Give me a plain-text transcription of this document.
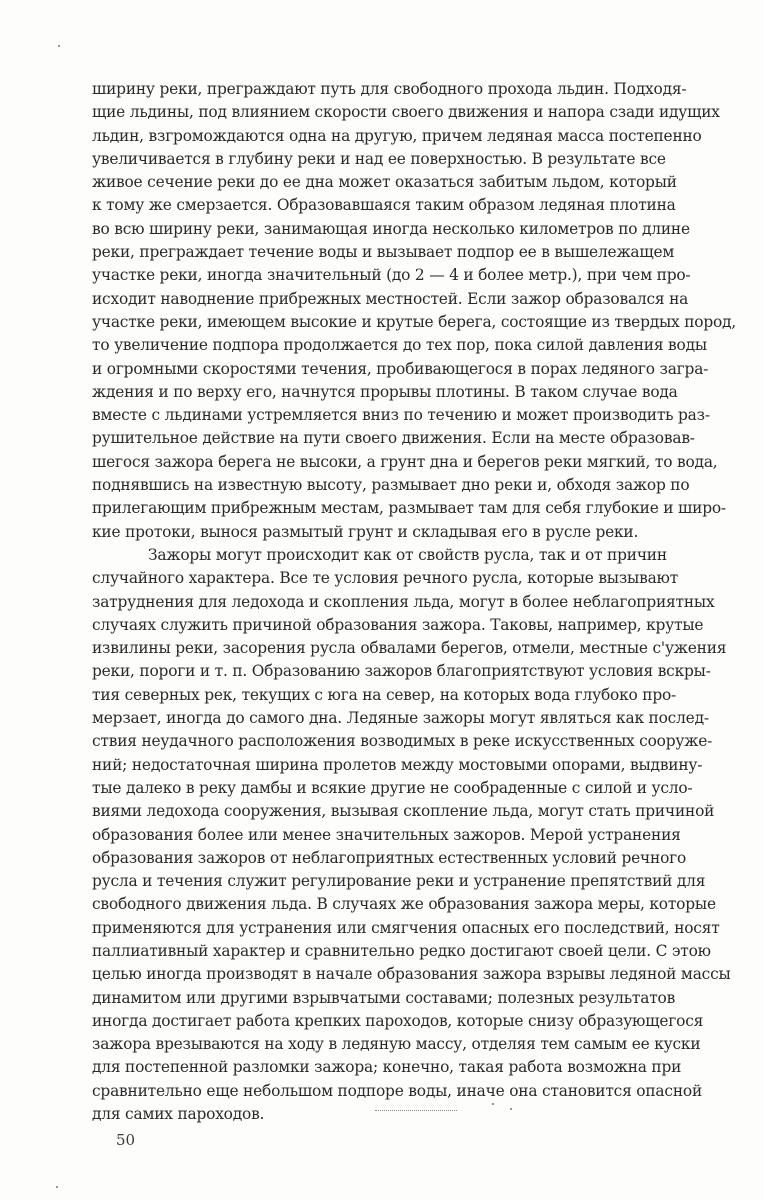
ширину реки, преграждают путь для свободного прохода льдин. Подходя-
щие льдины, под влиянием скорости своего движения и напора сзади идущих
льдин, взгромождаются одна на другую, причем ледяная масса постепенно
увеличивается в глубину реки и над ее поверхностью. В результате все
живое сечение реки до ее дна может оказаться забитым льдом, который
к тому же смерзается. Образовавшаяся таким образом ледяная плотина
во всю ширину реки, занимающая иногда несколько километров по длине
реки, преграждает течение воды и вызывает подпор ее в вышележащем
участке реки, иногда значительный (до 2 — 4 и более метр.), при чем про-
исходит наводнение прибрежных местностей. Если зажор образовался на
участке реки, имеющем высокие и крутые берега, состоящие из твердых пород,
то увеличение подпора продолжается до тех пор, пока силой давления воды
и огромными скоростями течения, пробивающегося в порах ледяного загра-
ждения и по верху его, начнутся прорывы плотины. В таком случае вода
вместе с льдинами устремляется вниз по течению и может производить раз-
рушительное действие на пути своего движения. Если на месте образовав-
шегося зажора берега не высоки, а грунт дна и берегов реки мягкий, то вода,
поднявшись на известную высоту, размывает дно реки и, обходя зажор по
прилегающим прибрежным местам, размывает там для себя глубокие и широ-
кие протоки, вынося размытый грунт и складывая его в русле реки.
Зажоры могут происходит как от свойств русла, так и от причин
случайного характера. Все те условия речного русла, которые вызывают
затруднения для ледохода и скопления льда, могут в более неблагоприятных
случаях служить причиной образования зажора. Таковы, например, крутые
извилины реки, засорения русла обвалами берегов, отмели, местные с'ужения
реки, пороги и т. п. Образованию зажоров благоприятствуют условия вскры-
тия северных рек, текущих с юга на север, на которых вода глубоко про-
мерзает, иногда до самого дна. Ледяные зажоры могут являться как послед-
ствия неудачного расположения возводимых в реке искусственных сооруже-
ний; недостаточная ширина пролетов между мостовыми опорами, выдвину-
тые далеко в реку дамбы и всякие другие не сообраденные с силой и усло-
виями ледохода сооружения, вызывая скопление льда, могут стать причиной
образования более или менее значительных зажоров. Мерой устранения
образования зажоров от неблагоприятных естественных условий речного
русла и течения служит регулирование реки и устранение препятствий для
свободного движения льда. В случаях же образования зажора меры, которые
применяются для устранения или смягчения опасных его последствий, носят
паллиативный характер и сравнительно редко достигают своей цели. С этою
целью иногда производят в начале образования зажора взрывы ледяной массы
динамитом или другими взрывчатыми составами; полезных результатов
иногда достигает работа крепких пароходов, которые снизу образующегося
зажора врезываются на ходу в ледяную массу, отделяя тем самым ее куски
для постепенной разломки зажора; конечно, такая работа возможна при
сравнительно еще небольшом подпоре воды, иначе она становится опасной
для самих пароходов.
50
